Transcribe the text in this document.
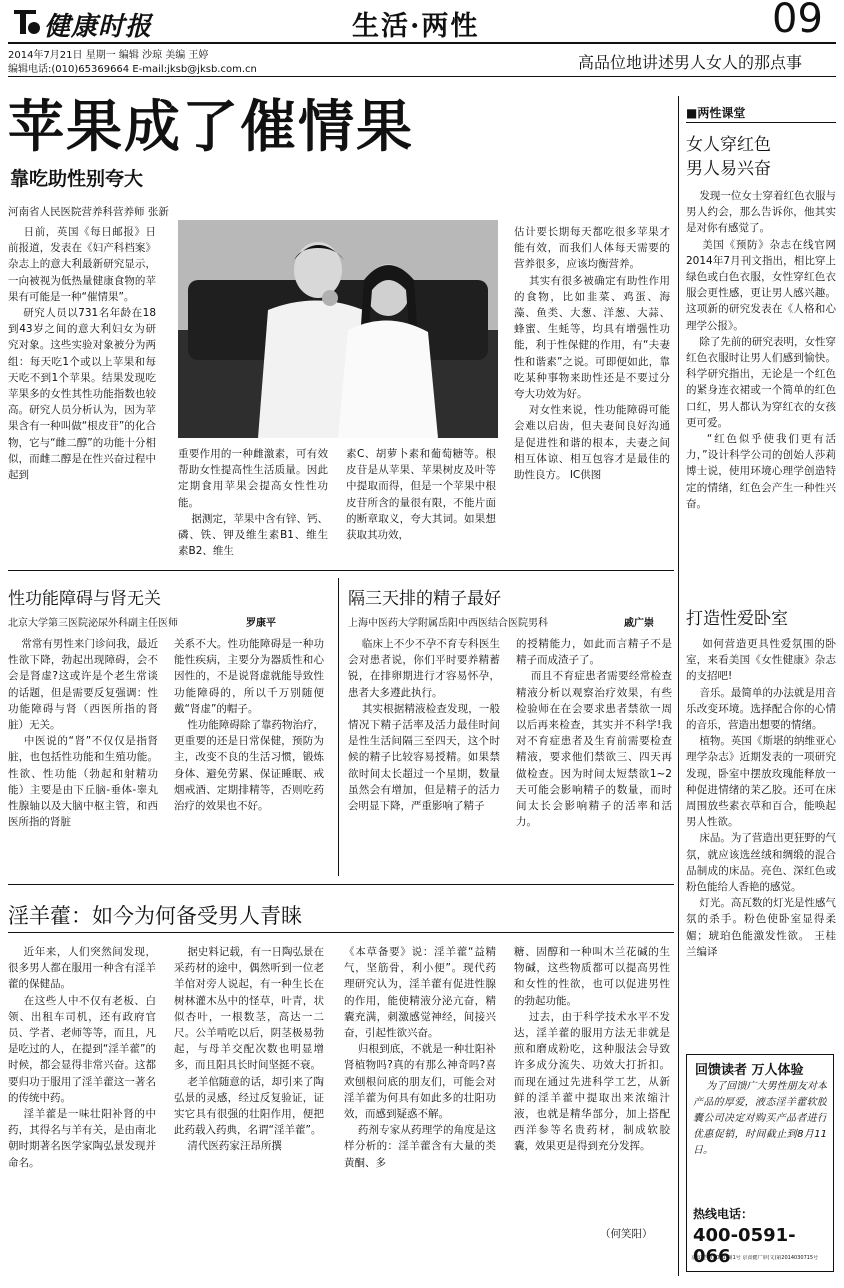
健康时报	生活·两性	09
2014年7月21日 星期一 编辑 沙琼 美编 王婷
编辑电话:(010)65369664 E-mail:jksb@jksb.com.cn	高品位地讲述男人女人的那点事
苹果成了催情果
靠吃助性别夸大
河南省人民医院营养科营养师 张新

日前，英国《每日邮报》日前报道，发表在《妇产科档案》杂志上的意大利最新研究显示，一向被视为低热量健康食物的苹果有可能是一种“催情果”。
研究人员以731名年龄在18到43岁之间的意大利妇女为研究对象。这些实验对象被分为两组：每天吃1个或以上苹果和每天吃不到1个苹果。结果发现吃苹果多的女性其性功能指数也较高。研究人员分析认为，因为苹果含有一种叫做“根皮苷”的化合物，它与“雌二醇”的功能十分相似，而雌二醇是在性兴奋过程中起到

重要作用的一种雌激素，可有效帮助女性提高性生活质量。因此定期食用苹果会提高女性性功能。
据测定，苹果中含有锌、钙、磷、铁、钾及维生素B1、维生素B2、维生

素C、胡萝卜素和葡萄糖等。根皮苷是从苹果、苹果树皮及叶等中提取而得，但是一个苹果中根皮苷所含的量很有限，不能片面的断章取义，夸大其词。如果想获取其功效，

估计要长期每天都吃很多苹果才能有效，而我们人体每天需要的营养很多，应该均衡营养。
其实有很多被确定有助性作用的食物，比如韭菜、鸡蛋、海藻、鱼类、大葱、洋葱、大蒜、蜂蜜、生蚝等，均具有增强性功能，利于性保健的作用，有“夫妻性和谐素”之说。可即便如此，靠吃某种事物来助性还是不要过分夸大功效为好。
对女性来说，性功能障碍可能会难以启齿，但夫妻间良好沟通是促进性和谐的根本，夫妻之间相互体谅、相互包容才是最佳的助性良方。 IC供图

性功能障碍与肾无关
北京大学第三医院泌尿外科副主任医师	罗康平

常常有男性来门诊问我，最近性欲下降，勃起出现障碍，会不会是肾虚?这或许是个老生常谈的话题，但是需要反复强调：性功能障碍与肾（西医所指的肾脏）无关。
中医说的“肾”不仅仅是指肾脏，也包括性功能和生殖功能。性欲、性功能（勃起和射精功能）主要是由下丘脑-垂体-睾丸性腺轴以及大脑中枢主管，和西医所指的肾脏

关系不大。性功能障碍是一种功能性疾病，主要分为器质性和心因性的，不是说肾虚就能导致性功能障碍的，所以千万别随便戴“肾虚”的帽子。
性功能障碍除了靠药物治疗，更重要的还是日常保健，预防为主，改变不良的生活习惯，锻炼身体、避免劳累、保证睡眠、戒烟戒酒、定期排精等，否则吃药治疗的效果也不好。

隔三天排的精子最好
上海中医药大学附属岳阳中西医结合医院男科	戚广崇

临床上不少不孕不育专科医生会对患者说，你们平时要养精蓄锐，在排卵期进行才容易怀孕，患者大多遵此执行。
其实根据精液检查发现，一般情况下精子活率及活力最佳时间是性生活间隔三至四天，这个时候的精子比较容易授精。如果禁欲时间太长超过一个星期，数量虽然会有增加，但是精子的活力会明显下降，严重影响了精子

的授精能力，如此而言精子不是精子而成渣子了。
而且不育症患者需要经常检查精液分析以观察治疗效果，有些检验师在在会要求患者禁欲一周以后再来检查，其实并不科学!我对不育症患者及生育前需要检查精液，要求他们禁欲三、四天再做检查。因为时间太短禁欲1~2天可能会影响精子的数量，而时间太长会影响精子的活率和活力。

淫羊藿：如今为何备受男人青睐

近年来，人们突然间发现，很多男人都在服用一种含有淫羊藿的保健品。
在这些人中不仅有老板、白领、出租车司机，还有政府官员、学者、老师等等，而且，凡是吃过的人，在提到“淫羊藿”的时候，都会显得非常兴奋。这都要归功于服用了淫羊藿这一著名的传统中药。
淫羊藿是一味壮阳补肾的中药，其得名与羊有关，是由南北朝时期著名医学家陶弘景发现并命名。

据史料记载，有一日陶弘景在采药材的途中，偶然听到一位老羊倌对旁人说起，有一种生长在树林灌木丛中的怪草，叶青，状似杏叶，一根数茎，高达一二尺。公羊啃吃以后，阴茎极易勃起，与母羊交配次数也明显增多，而且阳具长时间坚挺不衰。
老羊倌随意的话，却引来了陶弘景的灵感，经过反复验证，证实它具有很强的壮阳作用，便把此药载入药典，名谓“淫羊藿”。
清代医药家汪昂所撰

《本草备要》说：淫羊藿“益精气，坚筋骨，利小便”。现代药理研究认为，淫羊藿有促进性腺的作用，能使精液分泌亢奋，精囊充满，刺激感觉神经，间接兴奋，引起性欲兴奋。
归根到底，不就是一种壮阳补肾植物吗?真的有那么神奇吗?喜欢刨根问底的朋友们，可能会对淫羊藿为何具有如此多的壮阳功效，而感到疑惑不解。
药剂专家从药理学的角度是这样分析的：淫羊藿含有大量的类黄酮、多

糖、固醇和一种叫木兰花碱的生物碱，这些物质都可以提高男性和女性的性欲，也可以促进男性的勃起功能。
过去，由于科学技术水平不发达，淫羊藿的服用方法无非就是煎和磨成粉吃，这种服法会导致许多成分流失、功效大打折扣。而现在通过先进科学工艺，从新鲜的淫羊藿中提取出来浓缩汁液，也就是精华部分，加上搭配西洋参等名贵药材，制成软胶囊，效果更是得到充分发挥。

（何笑阳）
■两性课堂
女人穿红色
男人易兴奋

发现一位女士穿着红色衣服与男人约会，那么告诉你，他其实是对你有感觉了。
美国《预防》杂志在线官网2014年7月刊文指出，相比穿上绿色或白色衣服，女性穿红色衣服会更性感，更让男人感兴趣。这项新的研究发表在《人格和心理学公报》。
除了先前的研究表明，女性穿红色衣服时让男人们感到愉快。科学研究指出，无论是一个红色的紧身连衣裙或一个简单的红色口红，男人都认为穿红衣的女孩更可爱。
“红色似乎使我们更有活力，”设计科学公司的创始人莎莉博士说，使用环境心理学创造特定的情绪，红色会产生一种性兴奋。

打造性爱卧室

如何营造更具性爱氛围的卧室，来看美国《女性健康》杂志的支招吧!
音乐。最简单的办法就是用音乐改变环境。选择配合你的心情的音乐，营造出想要的情绪。
植物。英国《斯堪的纳维亚心理学杂志》近期发表的一项研究发现，卧室中摆放玫瑰能释放一种促进情绪的茉乙胶。还可在床周围放些素衣草和百合，能唤起男人性欲。
床品。为了营造出更狂野的气氛，就应该选丝绒和绸缎的混合品制成的床品。亮色、深红色或粉色能给人香艳的感觉。
灯光。高瓦数的灯光是性感气氛的杀手。粉色使卧室显得柔媚；琥珀色能激发性欲。 王桂兰编译

回馈读者 万人体验

为了回馈广大男性朋友对本产品的厚爱，液态淫羊藿软胶囊公司决定对购买产品者进行优惠促销，时间截止到8月11日。

热线电话：
400-0591-066
京食健字(2011)第1号 京食健广审(文)第2014030715号
